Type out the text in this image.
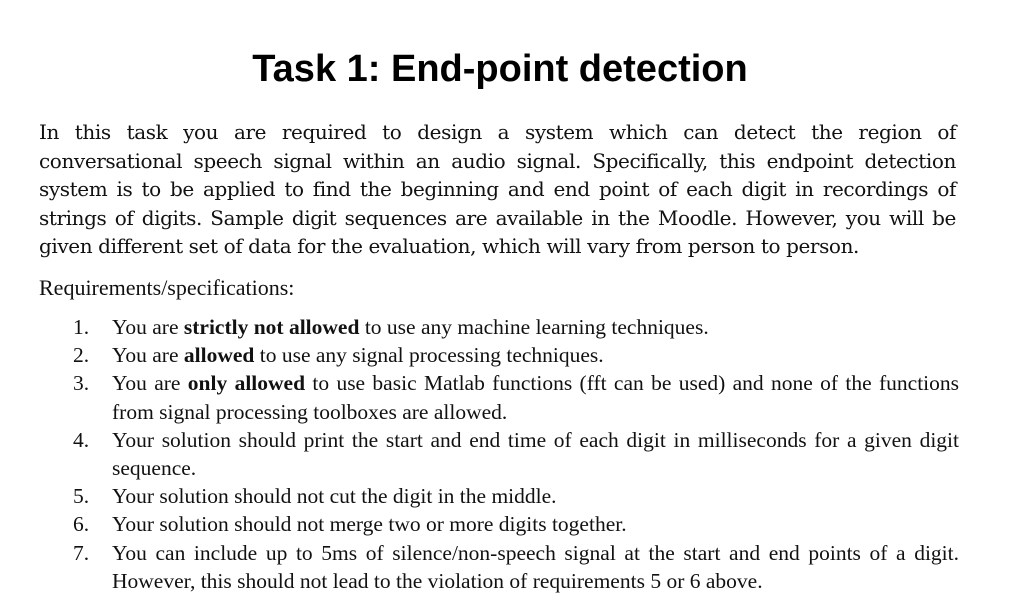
Task 1: End-point detection

In this task you are required to design a system which can detect the region of conversational speech signal within an audio signal. Specifically, this endpoint detection system is to be applied to find the beginning and end point of each digit in recordings of strings of digits. Sample digit sequences are available in the Moodle. However, you will be given different set of data for the evaluation, which will vary from person to person.

Requirements/specifications:

1.	You are strictly not allowed to use any machine learning techniques.
2.	You are allowed to use any signal processing techniques.
3.	You are only allowed to use basic Matlab functions (fft can be used) and none of the functions from signal processing toolboxes are allowed.
4.	Your solution should print the start and end time of each digit in milliseconds for a given digit sequence.
5.	Your solution should not cut the digit in the middle.
6.	Your solution should not merge two or more digits together.
7.	You can include up to 5ms of silence/non-speech signal at the start and end points of a digit. However, this should not lead to the violation of requirements 5 or 6 above.
